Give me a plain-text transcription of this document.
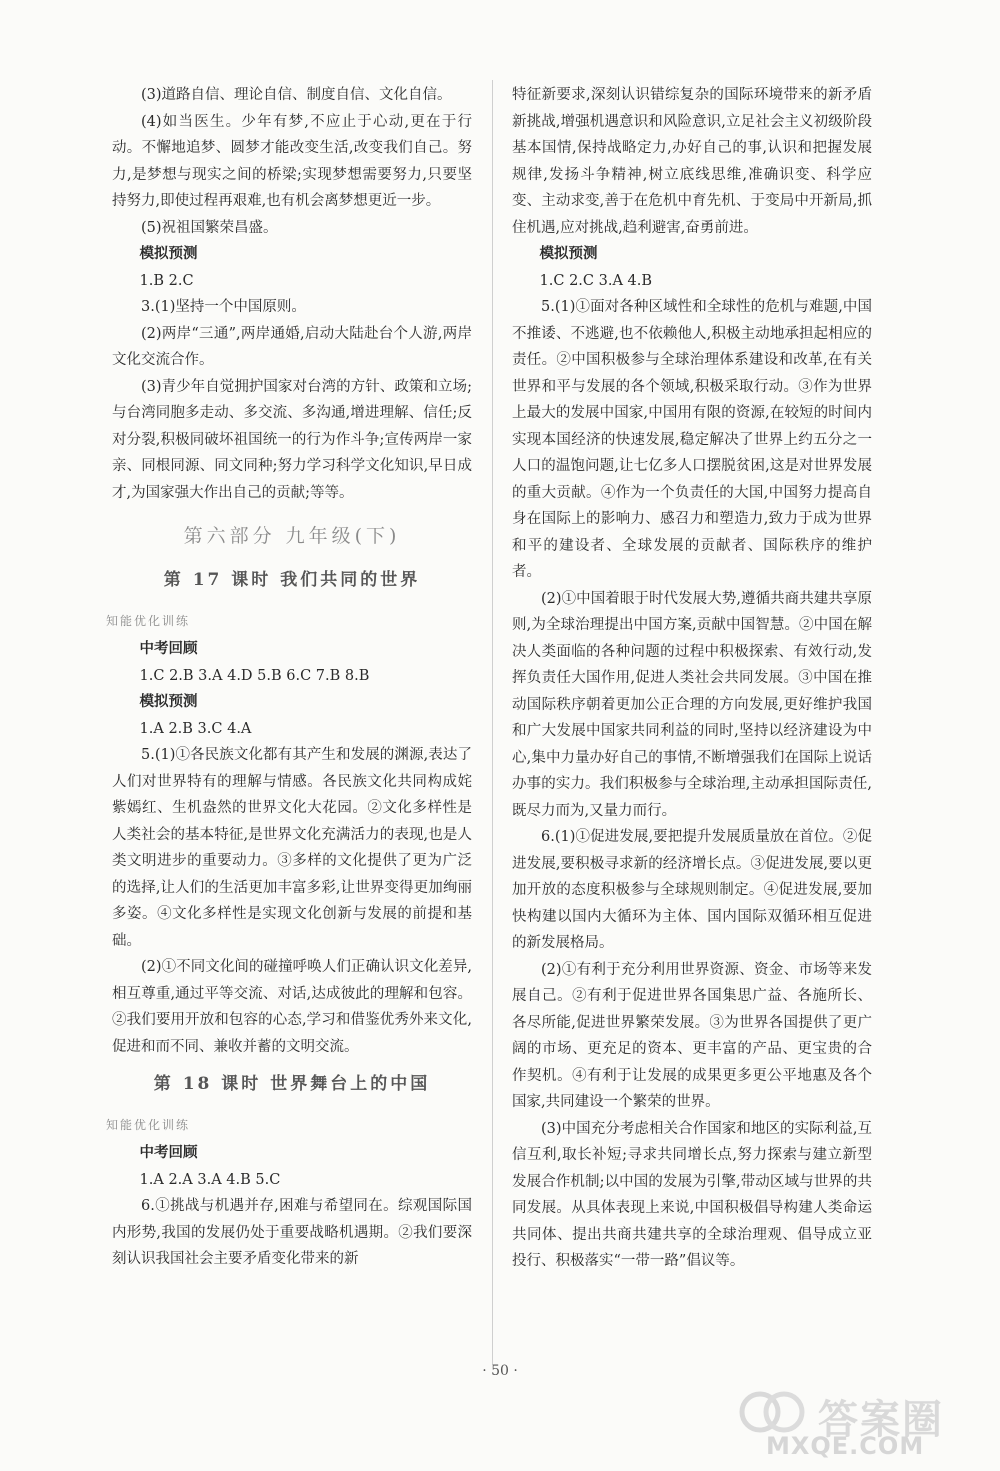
(3)道路自信、理论自信、制度自信、文化自信。

(4)如当医生。少年有梦,不应止于心动,更在于行动。不懈地追梦、圆梦才能改变生活,改变我们自己。努力,是梦想与现实之间的桥梁;实现梦想需要努力,只要坚持努力,即使过程再艰难,也有机会离梦想更近一步。

(5)祝祖国繁荣昌盛。

模拟预测

1.B 2.C

3.(1)坚持一个中国原则。

(2)两岸“三通”,两岸通婚,启动大陆赴台个人游,两岸文化交流合作。

(3)青少年自觉拥护国家对台湾的方针、政策和立场;与台湾同胞多走动、多交流、多沟通,增进理解、信任;反对分裂,积极同破坏祖国统一的行为作斗争;宣传两岸一家亲、同根同源、同文同种;努力学习科学文化知识,早日成才,为国家强大作出自己的贡献;等等。

第六部分 九年级(下)
第 17 课时 我们共同的世界

知能优化训练

中考回顾

1.C 2.B 3.A 4.D 5.B 6.C 7.B 8.B

模拟预测

1.A 2.B 3.C 4.A

5.(1)①各民族文化都有其产生和发展的渊源,表达了人们对世界特有的理解与情感。各民族文化共同构成姹紫嫣红、生机盎然的世界文化大花园。②文化多样性是人类社会的基本特征,是世界文化充满活力的表现,也是人类文明进步的重要动力。③多样的文化提供了更为广泛的选择,让人们的生活更加丰富多彩,让世界变得更加绚丽多姿。④文化多样性是实现文化创新与发展的前提和基础。

(2)①不同文化间的碰撞呼唤人们正确认识文化差异,相互尊重,通过平等交流、对话,达成彼此的理解和包容。②我们要用开放和包容的心态,学习和借鉴优秀外来文化,促进和而不同、兼收并蓄的文明交流。

第 18 课时 世界舞台上的中国

知能优化训练

中考回顾

1.A 2.A 3.A 4.B 5.C

6.①挑战与机遇并存,困难与希望同在。综观国际国内形势,我国的发展仍处于重要战略机遇期。②我们要深刻认识我国社会主要矛盾变化带来的新

特征新要求,深刻认识错综复杂的国际环境带来的新矛盾新挑战,增强机遇意识和风险意识,立足社会主义初级阶段基本国情,保持战略定力,办好自己的事,认识和把握发展规律,发扬斗争精神,树立底线思维,准确识变、科学应变、主动求变,善于在危机中育先机、于变局中开新局,抓住机遇,应对挑战,趋利避害,奋勇前进。

模拟预测

1.C 2.C 3.A 4.B

5.(1)①面对各种区域性和全球性的危机与难题,中国不推诿、不逃避,也不依赖他人,积极主动地承担起相应的责任。②中国积极参与全球治理体系建设和改革,在有关世界和平与发展的各个领域,积极采取行动。③作为世界上最大的发展中国家,中国用有限的资源,在较短的时间内实现本国经济的快速发展,稳定解决了世界上约五分之一人口的温饱问题,让七亿多人口摆脱贫困,这是对世界发展的重大贡献。④作为一个负责任的大国,中国努力提高自身在国际上的影响力、感召力和塑造力,致力于成为世界和平的建设者、全球发展的贡献者、国际秩序的维护者。

(2)①中国着眼于时代发展大势,遵循共商共建共享原则,为全球治理提出中国方案,贡献中国智慧。②中国在解决人类面临的各种问题的过程中积极探索、有效行动,发挥负责任大国作用,促进人类社会共同发展。③中国在推动国际秩序朝着更加公正合理的方向发展,更好维护我国和广大发展中国家共同利益的同时,坚持以经济建设为中心,集中力量办好自己的事情,不断增强我们在国际上说话办事的实力。我们积极参与全球治理,主动承担国际责任,既尽力而为,又量力而行。

6.(1)①促进发展,要把提升发展质量放在首位。②促进发展,要积极寻求新的经济增长点。③促进发展,要以更加开放的态度积极参与全球规则制定。④促进发展,要加快构建以国内大循环为主体、国内国际双循环相互促进的新发展格局。

(2)①有利于充分利用世界资源、资金、市场等来发展自己。②有利于促进世界各国集思广益、各施所长、各尽所能,促进世界繁荣发展。③为世界各国提供了更广阔的市场、更充足的资本、更丰富的产品、更宝贵的合作契机。④有利于让发展的成果更多更公平地惠及各个国家,共同建设一个繁荣的世界。

(3)中国充分考虑相关合作国家和地区的实际利益,互信互利,取长补短;寻求共同增长点,努力探索与建立新型发展合作机制;以中国的发展为引擎,带动区域与世界的共同发展。从具体表现上来说,中国积极倡导构建人类命运共同体、提出共商共建共享的全球治理观、倡导成立亚投行、积极落实“一带一路”倡议等。

· 50 ·
答案圈
MXQE.COM
